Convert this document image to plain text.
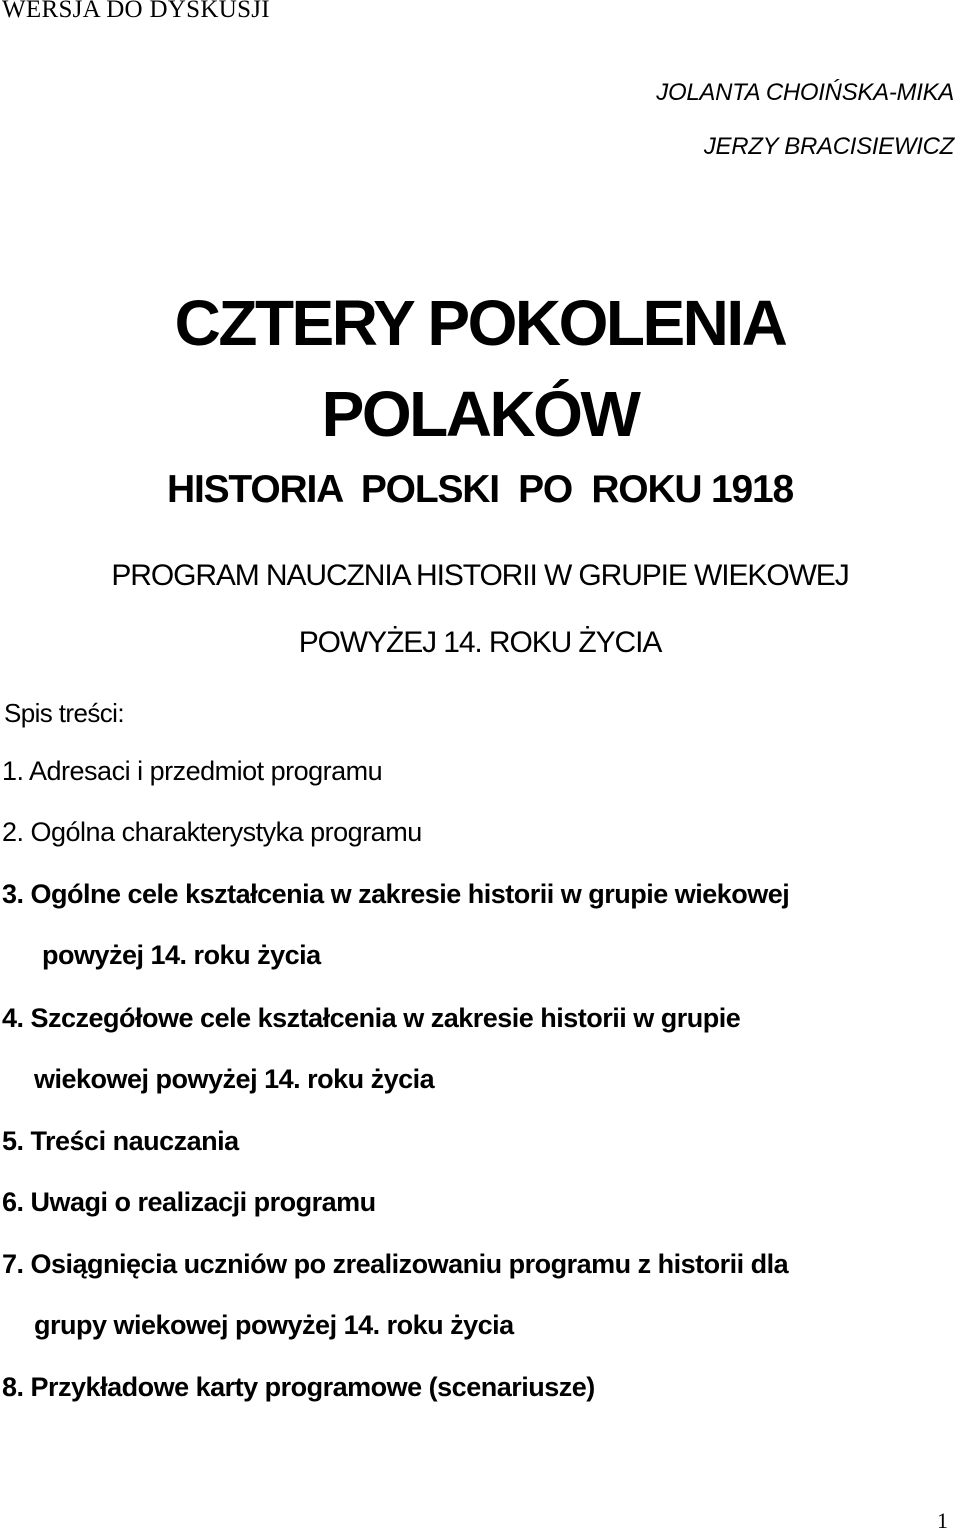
WERSJA DO DYSKUSJI

JOLANTA CHOIŃSKA-MIKA

JERZY BRACISIEWICZ

CZTERY POKOLENIA
POLAKÓW
HISTORIA  POLSKI  PO  ROKU 1918

PROGRAM NAUCZNIA HISTORII W GRUPIE WIEKOWEJ

POWYŻEJ 14. ROKU ŻYCIA

Spis treści:

1. Adresaci i przedmiot programu

2. Ogólna charakterystyka programu

3. Ogólne cele kształcenia w zakresie historii w grupie wiekowej

powyżej 14. roku życia

4. Szczegółowe cele kształcenia w zakresie historii w grupie

wiekowej powyżej 14. roku życia

5. Treści nauczania

6. Uwagi o realizacji programu

7. Osiągnięcia uczniów po zrealizowaniu programu z historii dla

grupy wiekowej powyżej 14. roku życia

8. Przykładowe karty programowe (scenariusze)

1
